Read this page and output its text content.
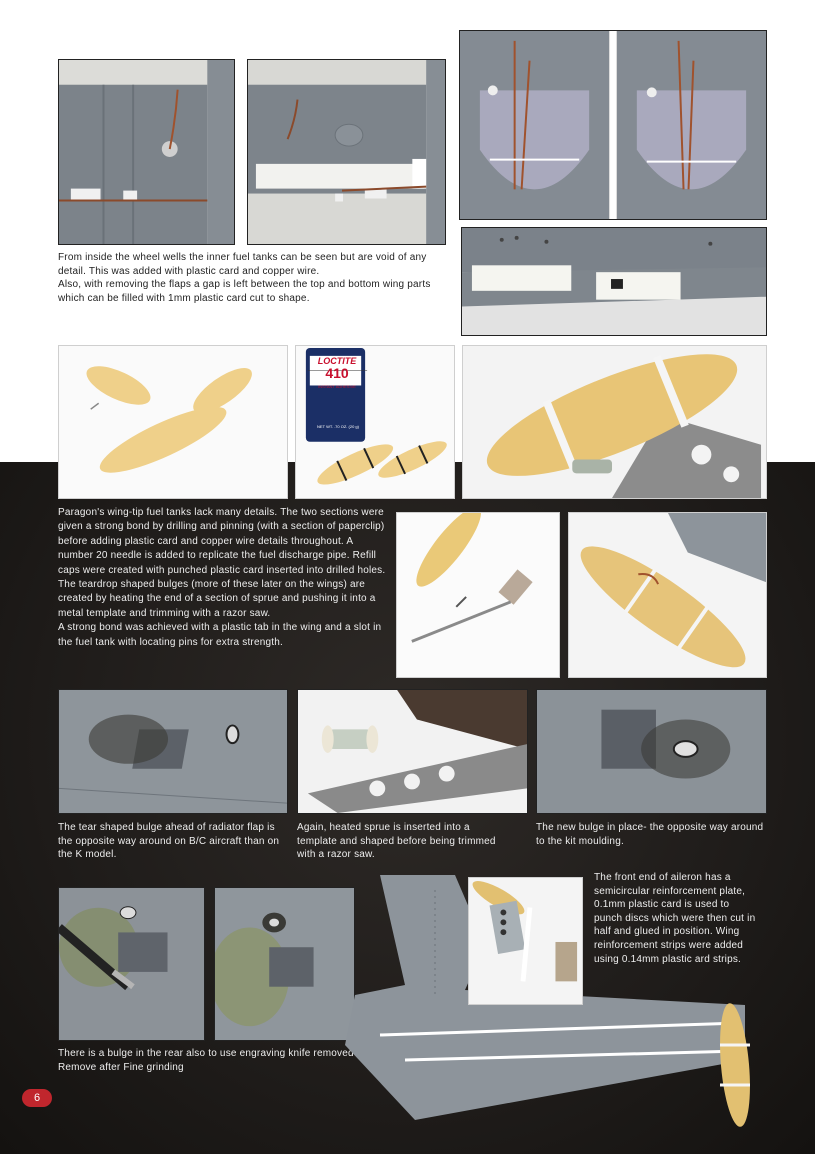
From inside the wheel wells the inner fuel tanks can be seen but are void of any detail. This was added with plastic card and copper wire.

Also, with removing the flaps a gap is left between the top and bottom wing parts which can be filled with 1mm plastic card cut to shape.

LOCTITE
410
INSTANT ADHESIVE
NET WT. .70 OZ. (20 g)

Paragon's wing-tip fuel tanks lack many details. The two sections were given a strong bond by drilling and pinning (with a section of paperclip) before adding plastic card and copper wire details throughout. A number 20 needle is added to replicate the fuel discharge pipe. Refill caps were created with punched plastic card inserted into drilled holes. The teardrop shaped bulges (more of these later on the wings) are created by heating the end of a section of sprue and pushing it into a metal template and trimming with a razor saw.

A strong bond was achieved with a plastic tab in the wing and a slot in the fuel tank with locating pins for extra strength.

The tear shaped bulge ahead of radiator flap is the opposite way around on B/C aircraft than on the K model.
Again, heated sprue is inserted into a template and shaped before being trimmed with a razor saw.
The new bulge in place- the opposite way around to the kit moulding.
There is a bulge in the rear also to use engraving knife removed Remove after Fine grinding
The front end of aileron has a semicircular reinforcement plate, 0.1mm plastic card is used to punch discs which were then cut in half and glued in position. Wing reinforcement strips were added using 0.14mm plastic ard strips.
6
